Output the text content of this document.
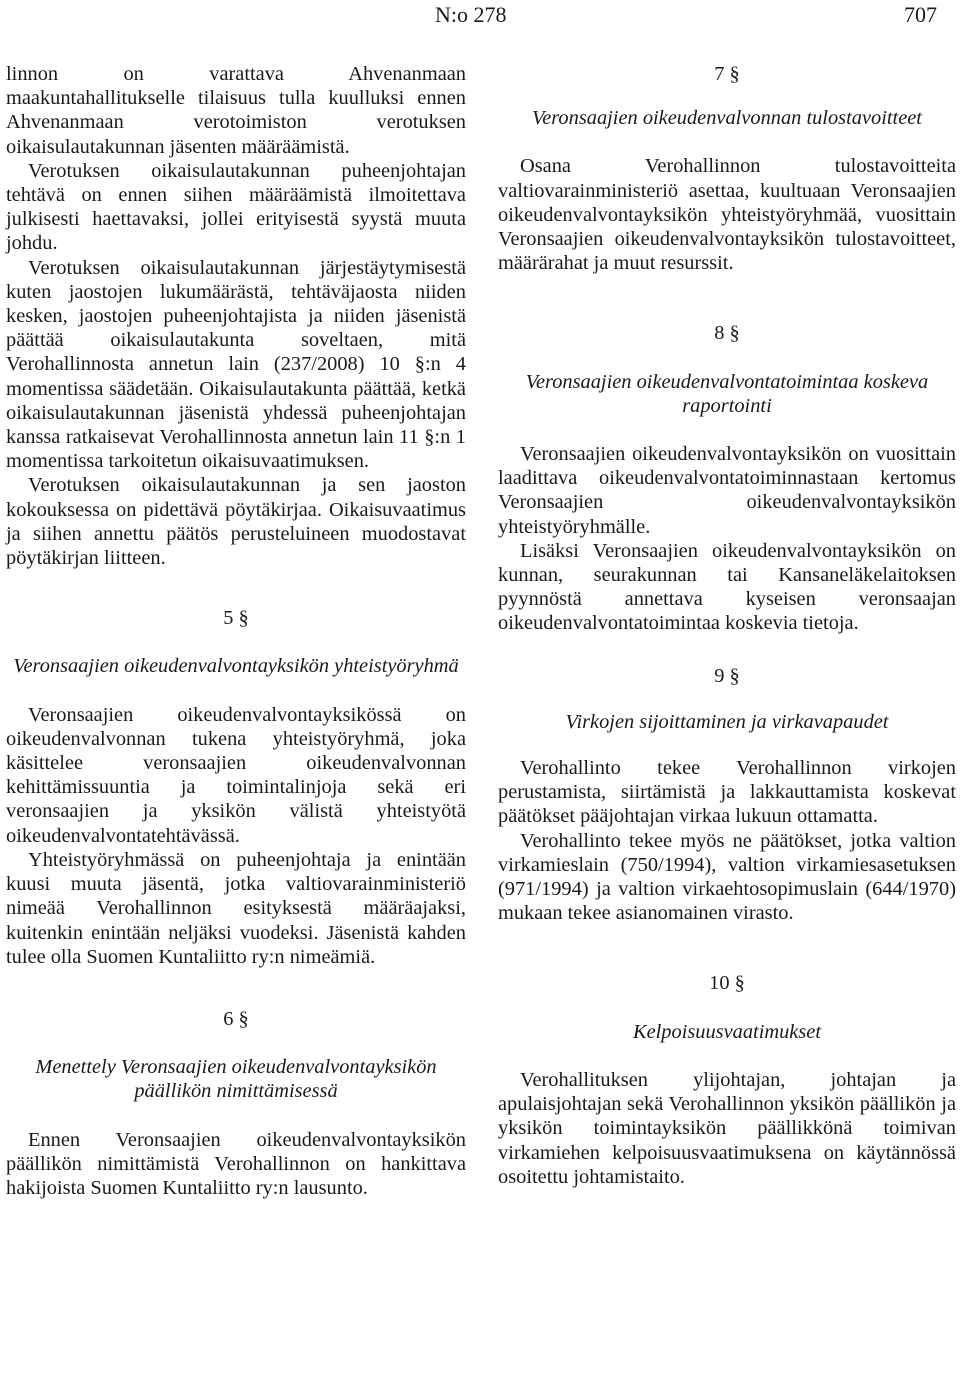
N:o 278	707

linnon on varattava Ahvenanmaan maakuntahallitukselle tilaisuus tulla kuulluksi ennen Ahvenanmaan verotoimiston verotuksen oikaisulautakunnan jäsenten määräämistä.

Verotuksen oikaisulautakunnan puheenjohtajan tehtävä on ennen siihen määräämistä ilmoitettava julkisesti haettavaksi, jollei erityisestä syystä muuta johdu.

Verotuksen oikaisulautakunnan järjestäytymisestä kuten jaostojen lukumäärästä, tehtäväjaosta niiden kesken, jaostojen puheenjohtajista ja niiden jäsenistä päättää oikaisulautakunta soveltaen, mitä Verohallinnosta annetun lain (237/2008) 10 §:n 4 momentissa säädetään. Oikaisulautakunta päättää, ketkä oikaisulautakunnan jäsenistä yhdessä puheenjohtajan kanssa ratkaisevat Verohallinnosta annetun lain 11 §:n 1 momentissa tarkoitetun oikaisuvaatimuksen.

Verotuksen oikaisulautakunnan ja sen jaoston kokouksessa on pidettävä pöytäkirjaa. Oikaisuvaatimus ja siihen annettu päätös perusteluineen muodostavat pöytäkirjan liitteen.

5 §

Veronsaajien oikeudenvalvontayksikön yhteistyöryhmä

Veronsaajien oikeudenvalvontayksikössä on oikeudenvalvonnan tukena yhteistyöryhmä, joka käsittelee veronsaajien oikeudenvalvonnan kehittämissuuntia ja toimintalinjoja sekä eri veronsaajien ja yksikön välistä yhteistyötä oikeudenvalvontatehtävässä.

Yhteistyöryhmässä on puheenjohtaja ja enintään kuusi muuta jäsentä, jotka valtiovarainministeriö nimeää Verohallinnon esityksestä määräajaksi, kuitenkin enintään neljäksi vuodeksi. Jäsenistä kahden tulee olla Suomen Kuntaliitto ry:n nimeämiä.

6 §

Menettely Veronsaajien oikeudenvalvontayksikön päällikön nimittämisessä

Ennen Veronsaajien oikeudenvalvontayksikön päällikön nimittämistä Verohallinnon on hankittava hakijoista Suomen Kuntaliitto ry:n lausunto.

7 §

Veronsaajien oikeudenvalvonnan tulostavoitteet

Osana Verohallinnon tulostavoitteita valtiovarainministeriö asettaa, kuultuaan Veronsaajien oikeudenvalvontayksikön yhteistyöryhmää, vuosittain Veronsaajien oikeudenvalvontayksikön tulostavoitteet, määrärahat ja muut resurssit.

8 §

Veronsaajien oikeudenvalvontatoimintaa koskeva raportointi

Veronsaajien oikeudenvalvontayksikön on vuosittain laadittava oikeudenvalvontatoiminnastaan kertomus Veronsaajien oikeudenvalvontayksikön yhteistyöryhmälle.

Lisäksi Veronsaajien oikeudenvalvontayksikön on kunnan, seurakunnan tai Kansaneläkelaitoksen pyynnöstä annettava kyseisen veronsaajan oikeudenvalvontatoimintaa koskevia tietoja.

9 §

Virkojen sijoittaminen ja virkavapaudet

Verohallinto tekee Verohallinnon virkojen perustamista, siirtämistä ja lakkauttamista koskevat päätökset pääjohtajan virkaa lukuun ottamatta.

Verohallinto tekee myös ne päätökset, jotka valtion virkamieslain (750/1994), valtion virkamiesasetuksen (971/1994) ja valtion virkaehtosopimuslain (644/1970) mukaan tekee asianomainen virasto.

10 §

Kelpoisuusvaatimukset

Verohallituksen ylijohtajan, johtajan ja apulaisjohtajan sekä Verohallinnon yksikön päällikön ja yksikön toimintayksikön päällikkönä toimivan virkamiehen kelpoisuusvaatimuksena on käytännössä osoitettu johtamistaito.
